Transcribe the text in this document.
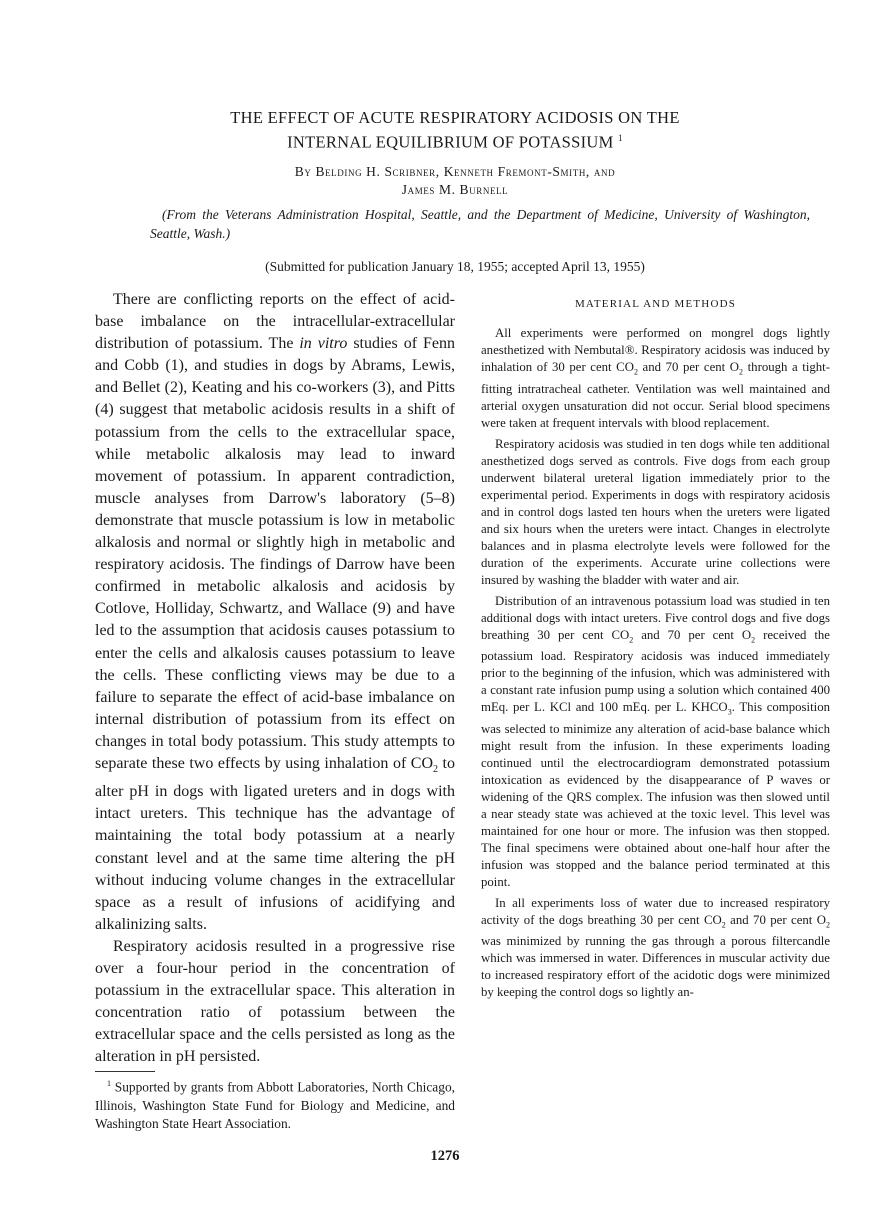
THE EFFECT OF ACUTE RESPIRATORY ACIDOSIS ON THE
INTERNAL EQUILIBRIUM OF POTASSIUM $^1$
By Belding H. Scribner, Kenneth Fremont-Smith, and
James M. Burnell
(From the Veterans Administration Hospital, Seattle, and the Department of Medicine, University of Washington, Seattle, Wash.)
(Submitted for publication January 18, 1955; accepted April 13, 1955)

There are conflicting reports on the effect of acid-base imbalance on the intracellular-extracellular distribution of potassium. The in vitro studies of Fenn and Cobb (1), and studies in dogs by Abrams, Lewis, and Bellet (2), Keating and his co-workers (3), and Pitts (4) suggest that metabolic acidosis results in a shift of potassium from the cells to the extracellular space, while metabolic alkalosis may lead to inward movement of potassium. In apparent contradiction, muscle analyses from Darrow's laboratory (5–8) demonstrate that muscle potassium is low in metabolic alkalosis and normal or slightly high in metabolic and respiratory acidosis. The findings of Darrow have been confirmed in metabolic alkalosis and acidosis by Cotlove, Holliday, Schwartz, and Wallace (9) and have led to the assumption that acidosis causes potassium to enter the cells and alkalosis causes potassium to leave the cells. These conflicting views may be due to a failure to separate the effect of acid-base imbalance on internal distribution of potassium from its effect on changes in total body potassium. This study attempts to separate these two effects by using inhalation of $CO_2$ to alter pH in dogs with ligated ureters and in dogs with intact ureters. This technique has the advantage of maintaining the total body potassium at a nearly constant level and at the same time altering the pH without inducing volume changes in the extracellular space as a result of infusions of acidifying and alkalinizing salts.

Respiratory acidosis resulted in a progressive rise over a four-hour period in the concentration of potassium in the extracellular space. This alteration in concentration ratio of potassium between the extracellular space and the cells persisted as long as the alteration in pH persisted.

$^1$ Supported by grants from Abbott Laboratories, North Chicago, Illinois, Washington State Fund for Biology and Medicine, and Washington State Heart Association.

MATERIAL AND METHODS

All experiments were performed on mongrel dogs lightly anesthetized with Nembutal®. Respiratory acidosis was induced by inhalation of 30 per cent $CO_2$ and 70 per cent $O_2$ through a tight-fitting intratracheal catheter. Ventilation was well maintained and arterial oxygen unsaturation did not occur. Serial blood specimens were taken at frequent intervals with blood replacement.

Respiratory acidosis was studied in ten dogs while ten additional anesthetized dogs served as controls. Five dogs from each group underwent bilateral ureteral ligation immediately prior to the experimental period. Experiments in dogs with respiratory acidosis and in control dogs lasted ten hours when the ureters were ligated and six hours when the ureters were intact. Changes in electrolyte balances and in plasma electrolyte levels were followed for the duration of the experiments. Accurate urine collections were insured by washing the bladder with water and air.

Distribution of an intravenous potassium load was studied in ten additional dogs with intact ureters. Five control dogs and five dogs breathing 30 per cent $CO_2$ and 70 per cent $O_2$ received the potassium load. Respiratory acidosis was induced immediately prior to the beginning of the infusion, which was administered with a constant rate infusion pump using a solution which contained 400 mEq. per L. KCl and 100 mEq. per L. $KHCO_3$. This composition was selected to minimize any alteration of acid-base balance which might result from the infusion. In these experiments loading continued until the electrocardiogram demonstrated potassium intoxication as evidenced by the disappearance of P waves or widening of the QRS complex. The infusion was then slowed until a near steady state was achieved at the toxic level. This level was maintained for one hour or more. The infusion was then stopped. The final specimens were obtained about one-half hour after the infusion was stopped and the balance period terminated at this point.

In all experiments loss of water due to increased respiratory activity of the dogs breathing 30 per cent $CO_2$ and 70 per cent $O_2$ was minimized by running the gas through a porous filtercandle which was immersed in water. Differences in muscular activity due to increased respiratory effort of the acidotic dogs were minimized by keeping the control dogs so lightly an-

1276
